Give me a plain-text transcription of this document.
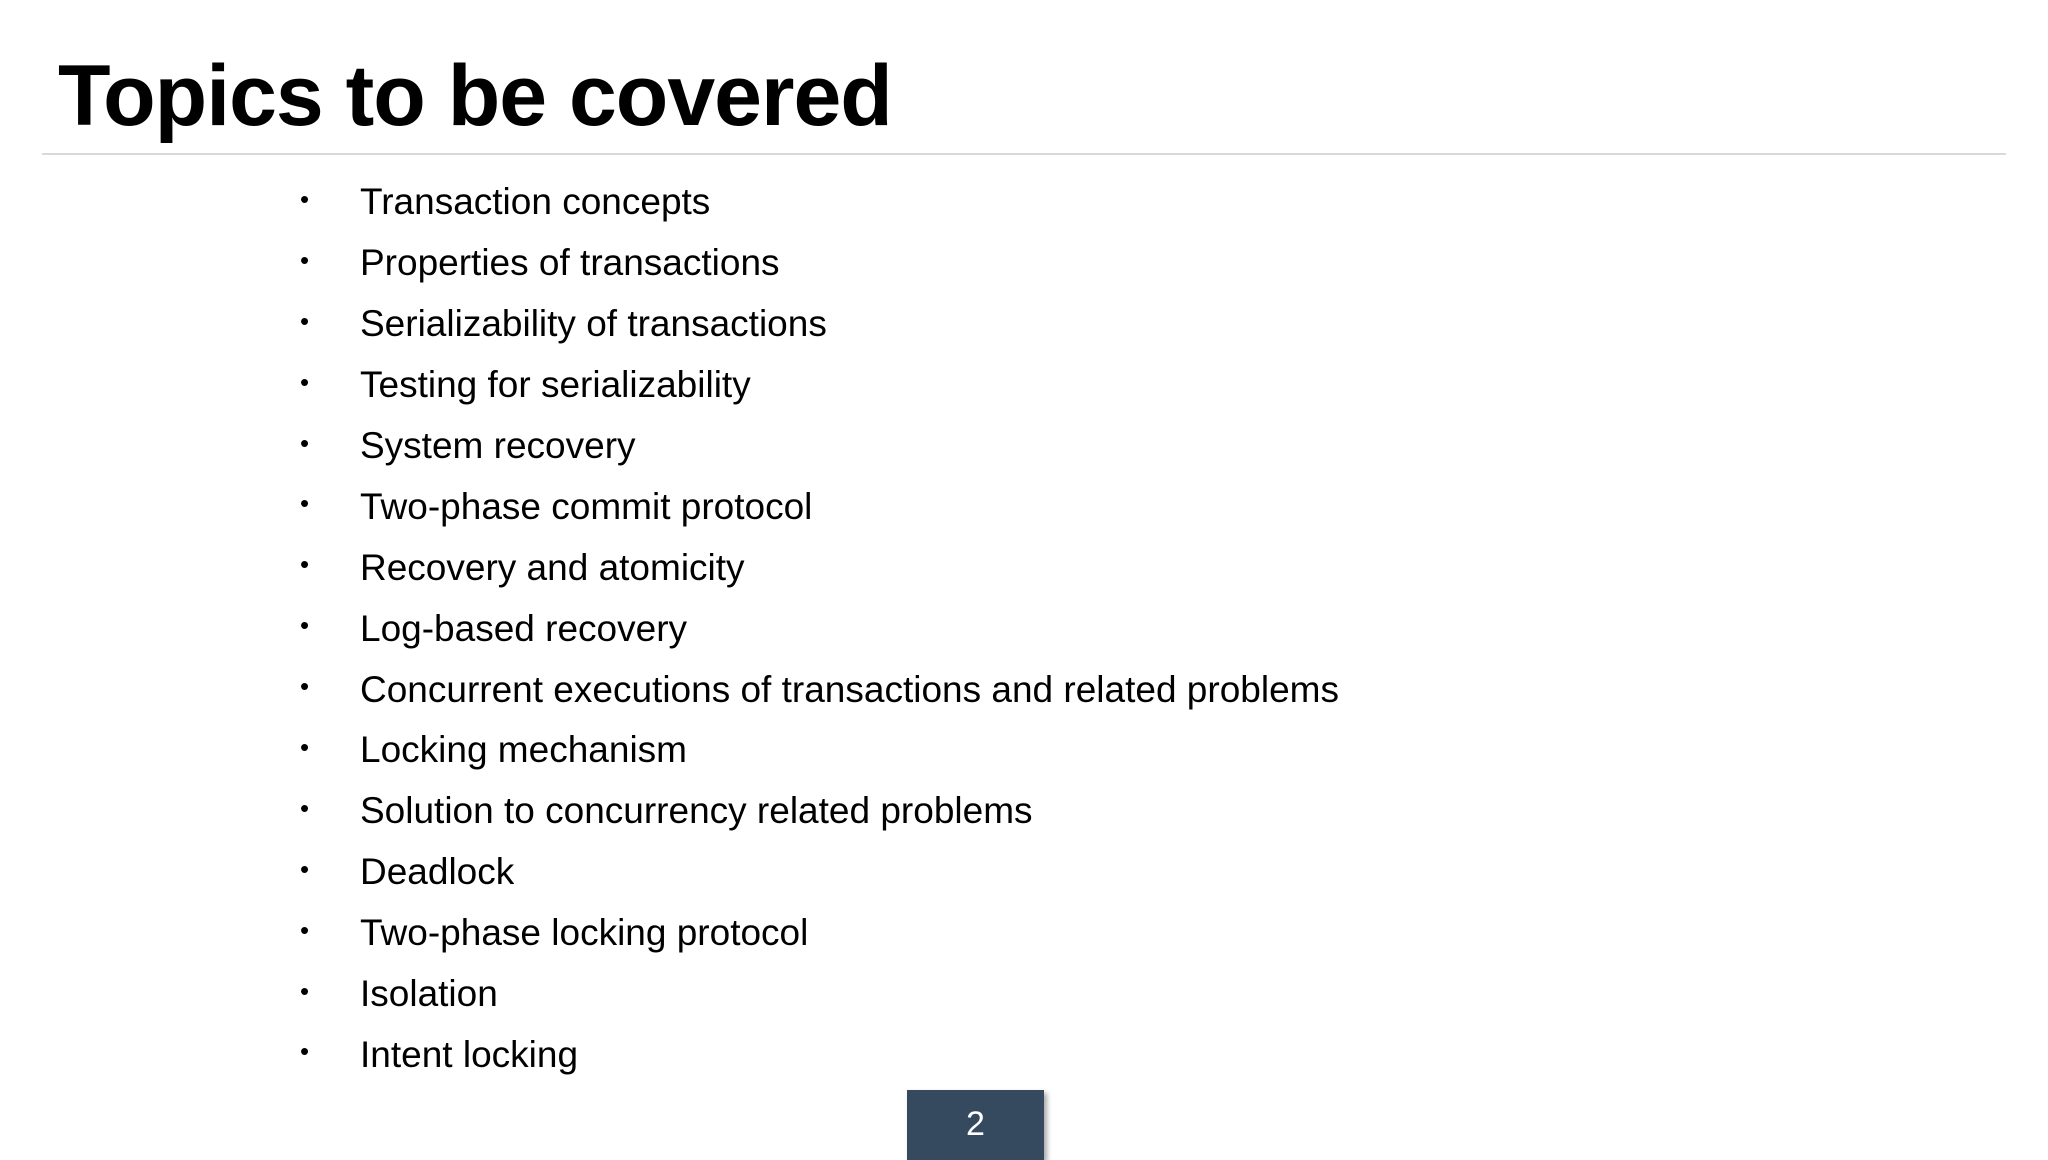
Topics to be covered
•	Transaction concepts
•	Properties of transactions
•	Serializability of transactions
•	Testing for serializability
•	System recovery
•	Two-phase commit protocol
•	Recovery and atomicity
•	Log-based recovery
•	Concurrent executions of transactions and related problems
•	Locking mechanism
•	Solution to concurrency related problems
•	Deadlock
•	Two-phase locking protocol
•	Isolation
•	Intent locking
2
